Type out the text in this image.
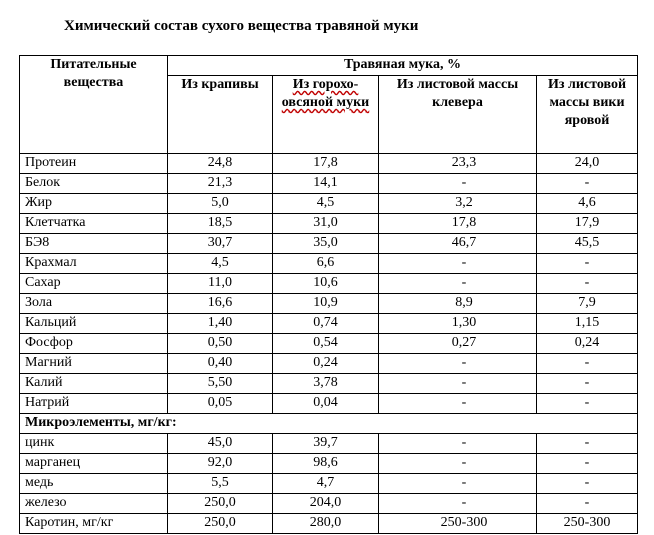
Химический состав сухого вещества травяной муки
Питательные вещества	Травяная мука, %			
	Из крапивы	Из горохо-овсяной муки	Из листовой массы клевера	Из листовой массы вики яровой
Протеин	24,8	17,8	23,3	24,0
Белок	21,3	14,1	-	-
Жир	5,0	4,5	3,2	4,6
Клетчатка	18,5	31,0	17,8	17,9
БЭ8	30,7	35,0	46,7	45,5
Крахмал	4,5	6,6	-	-
Сахар	11,0	10,6	-	-
Зола	16,6	10,9	8,9	7,9
Кальций	1,40	0,74	1,30	1,15
Фосфор	0,50	0,54	0,27	0,24
Магний	0,40	0,24	-	-
Калий	5,50	3,78	-	-
Натрий	0,05	0,04	-	-
Микроэлементы, мг/кг:				
цинк	45,0	39,7	-	-
марганец	92,0	98,6	-	-
медь	5,5	4,7	-	-
железо	250,0	204,0	-	-
Каротин, мг/кг	250,0	280,0	250-300	250-300
